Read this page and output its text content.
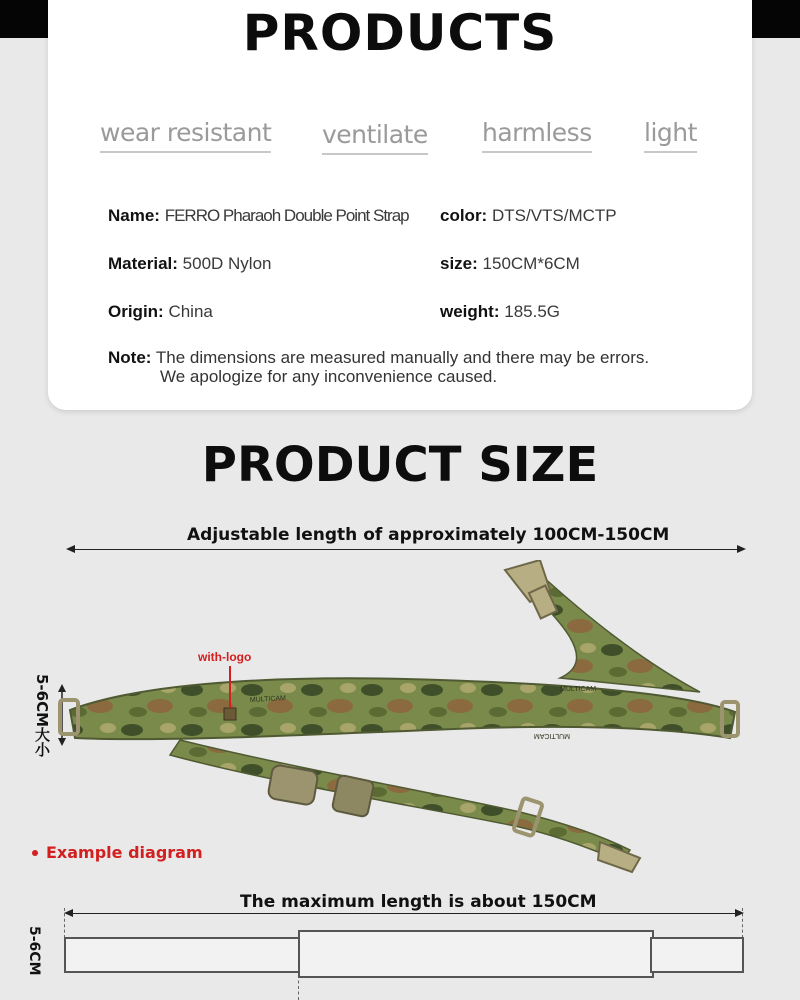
PRODUCTS
wear resistant ventilate harmless light
Name: FERRO Pharaoh Double Point Strap color: DTS/VTS/MCTP
Material: 500D Nylon	size: 150CM*6CM
Origin: China	weight: 185.5G
Note: The dimensions are measured manually and there may be errors.
We apologize for any inconvenience caused.
PRODUCT SIZE
Adjustable length of approximately 100CM-150CM
MULTICAM
MULTICAM
MULTICAM
5-6CM大小
with-logo
Example diagram
The maximum length is about 150CM
5-6CM
